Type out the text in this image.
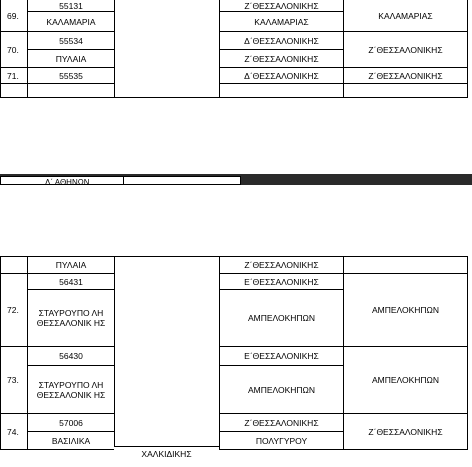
69.	55131		Ζ΄ΘΕΣΣΑΛΟΝΙΚΗΣ	ΚΑΛΑΜΑΡΙΑΣ
	ΚΑΛΑΜΑΡΙΑ		ΚΑΛΑΜΑΡΙΑΣ	
70.	55534		Δ΄ΘΕΣΣΑΛΟΝΙΚΗΣ	Ζ΄ΘΕΣΣΑΛΟΝΙΚΗΣ
	ΠΥΛΑΙΑ		Ζ΄ΘΕΣΣΑΛΟΝΙΚΗΣ	
71.	55535		Δ΄ΘΕΣΣΑΛΟΝΙΚΗΣ	Ζ΄ΘΕΣΣΑΛΟΝΙΚΗΣ

Δ΄ ΑΘΗΝΩΝ
	ΠΥΛΑΙΑ		Ζ΄ΘΕΣΣΑΛΟΝΙΚΗΣ	
72.	56431		Ε΄ΘΕΣΣΑΛΟΝΙΚΗΣ	ΑΜΠΕΛΟΚΗΠΩΝ
	ΣΤΑΥΡΟΥΠΟ ΛΗ ΘΕΣΣΑΛΟΝΙΚ ΗΣ		ΑΜΠΕΛΟΚΗΠΩΝ	
73.	56430		Ε΄ΘΕΣΣΑΛΟΝΙΚΗΣ	ΑΜΠΕΛΟΚΗΠΩΝ
	ΣΤΑΥΡΟΥΠΟ ΛΗ ΘΕΣΣΑΛΟΝΙΚ ΗΣ		ΑΜΠΕΛΟΚΗΠΩΝ	
74.	57006		Ζ΄ΘΕΣΣΑΛΟΝΙΚΗΣ	Ζ΄ΘΕΣΣΑΛΟΝΙΚΗΣ
	ΒΑΣΙΛΙΚΑ		ΠΟΛΥΓΥΡΟΥ	
ΧΑΛΚΙΔΙΚΗΣ
